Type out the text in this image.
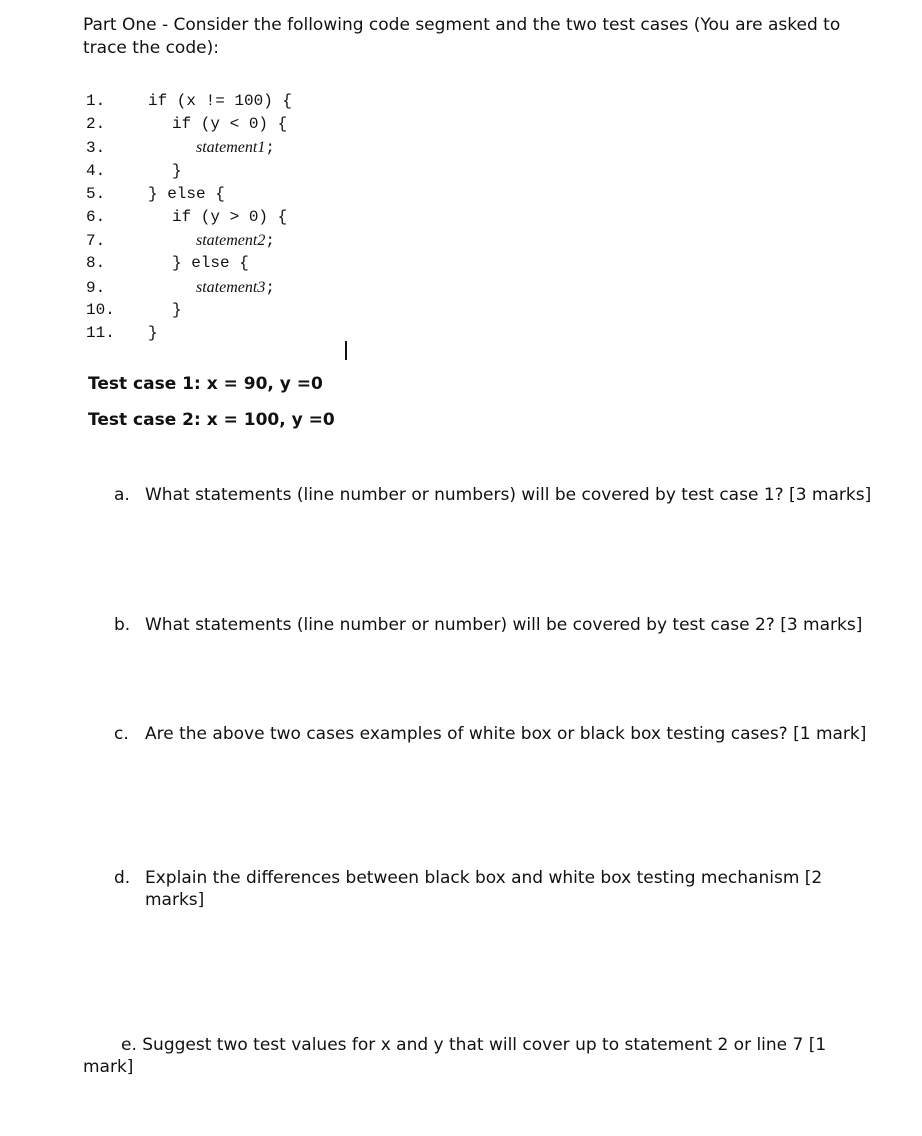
Part One - Consider the following code segment and the two test cases (You are asked to trace the code):
1.	if (x != 100) {
2.	if (y < 0) {
3.	statement1;
4.	}
5.	} else {
6.	if (y > 0) {
7.	statement2;
8.	} else {
9.	statement3;
10.	}
11. }
Test case 1: x = 90, y =0
Test case 2: x = 100, y =0
a. What statements (line number or numbers) will be covered by test case 1? [3 marks]
b. What statements (line number or number) will be covered by test case 2? [3 marks]
c. Are the above two cases examples of white box or black box testing cases? [1 mark]
d. Explain the differences between black box and white box testing mechanism [2 marks]
e. Suggest two test values for x and y that will cover up to statement 2 or line 7 [1 mark]
